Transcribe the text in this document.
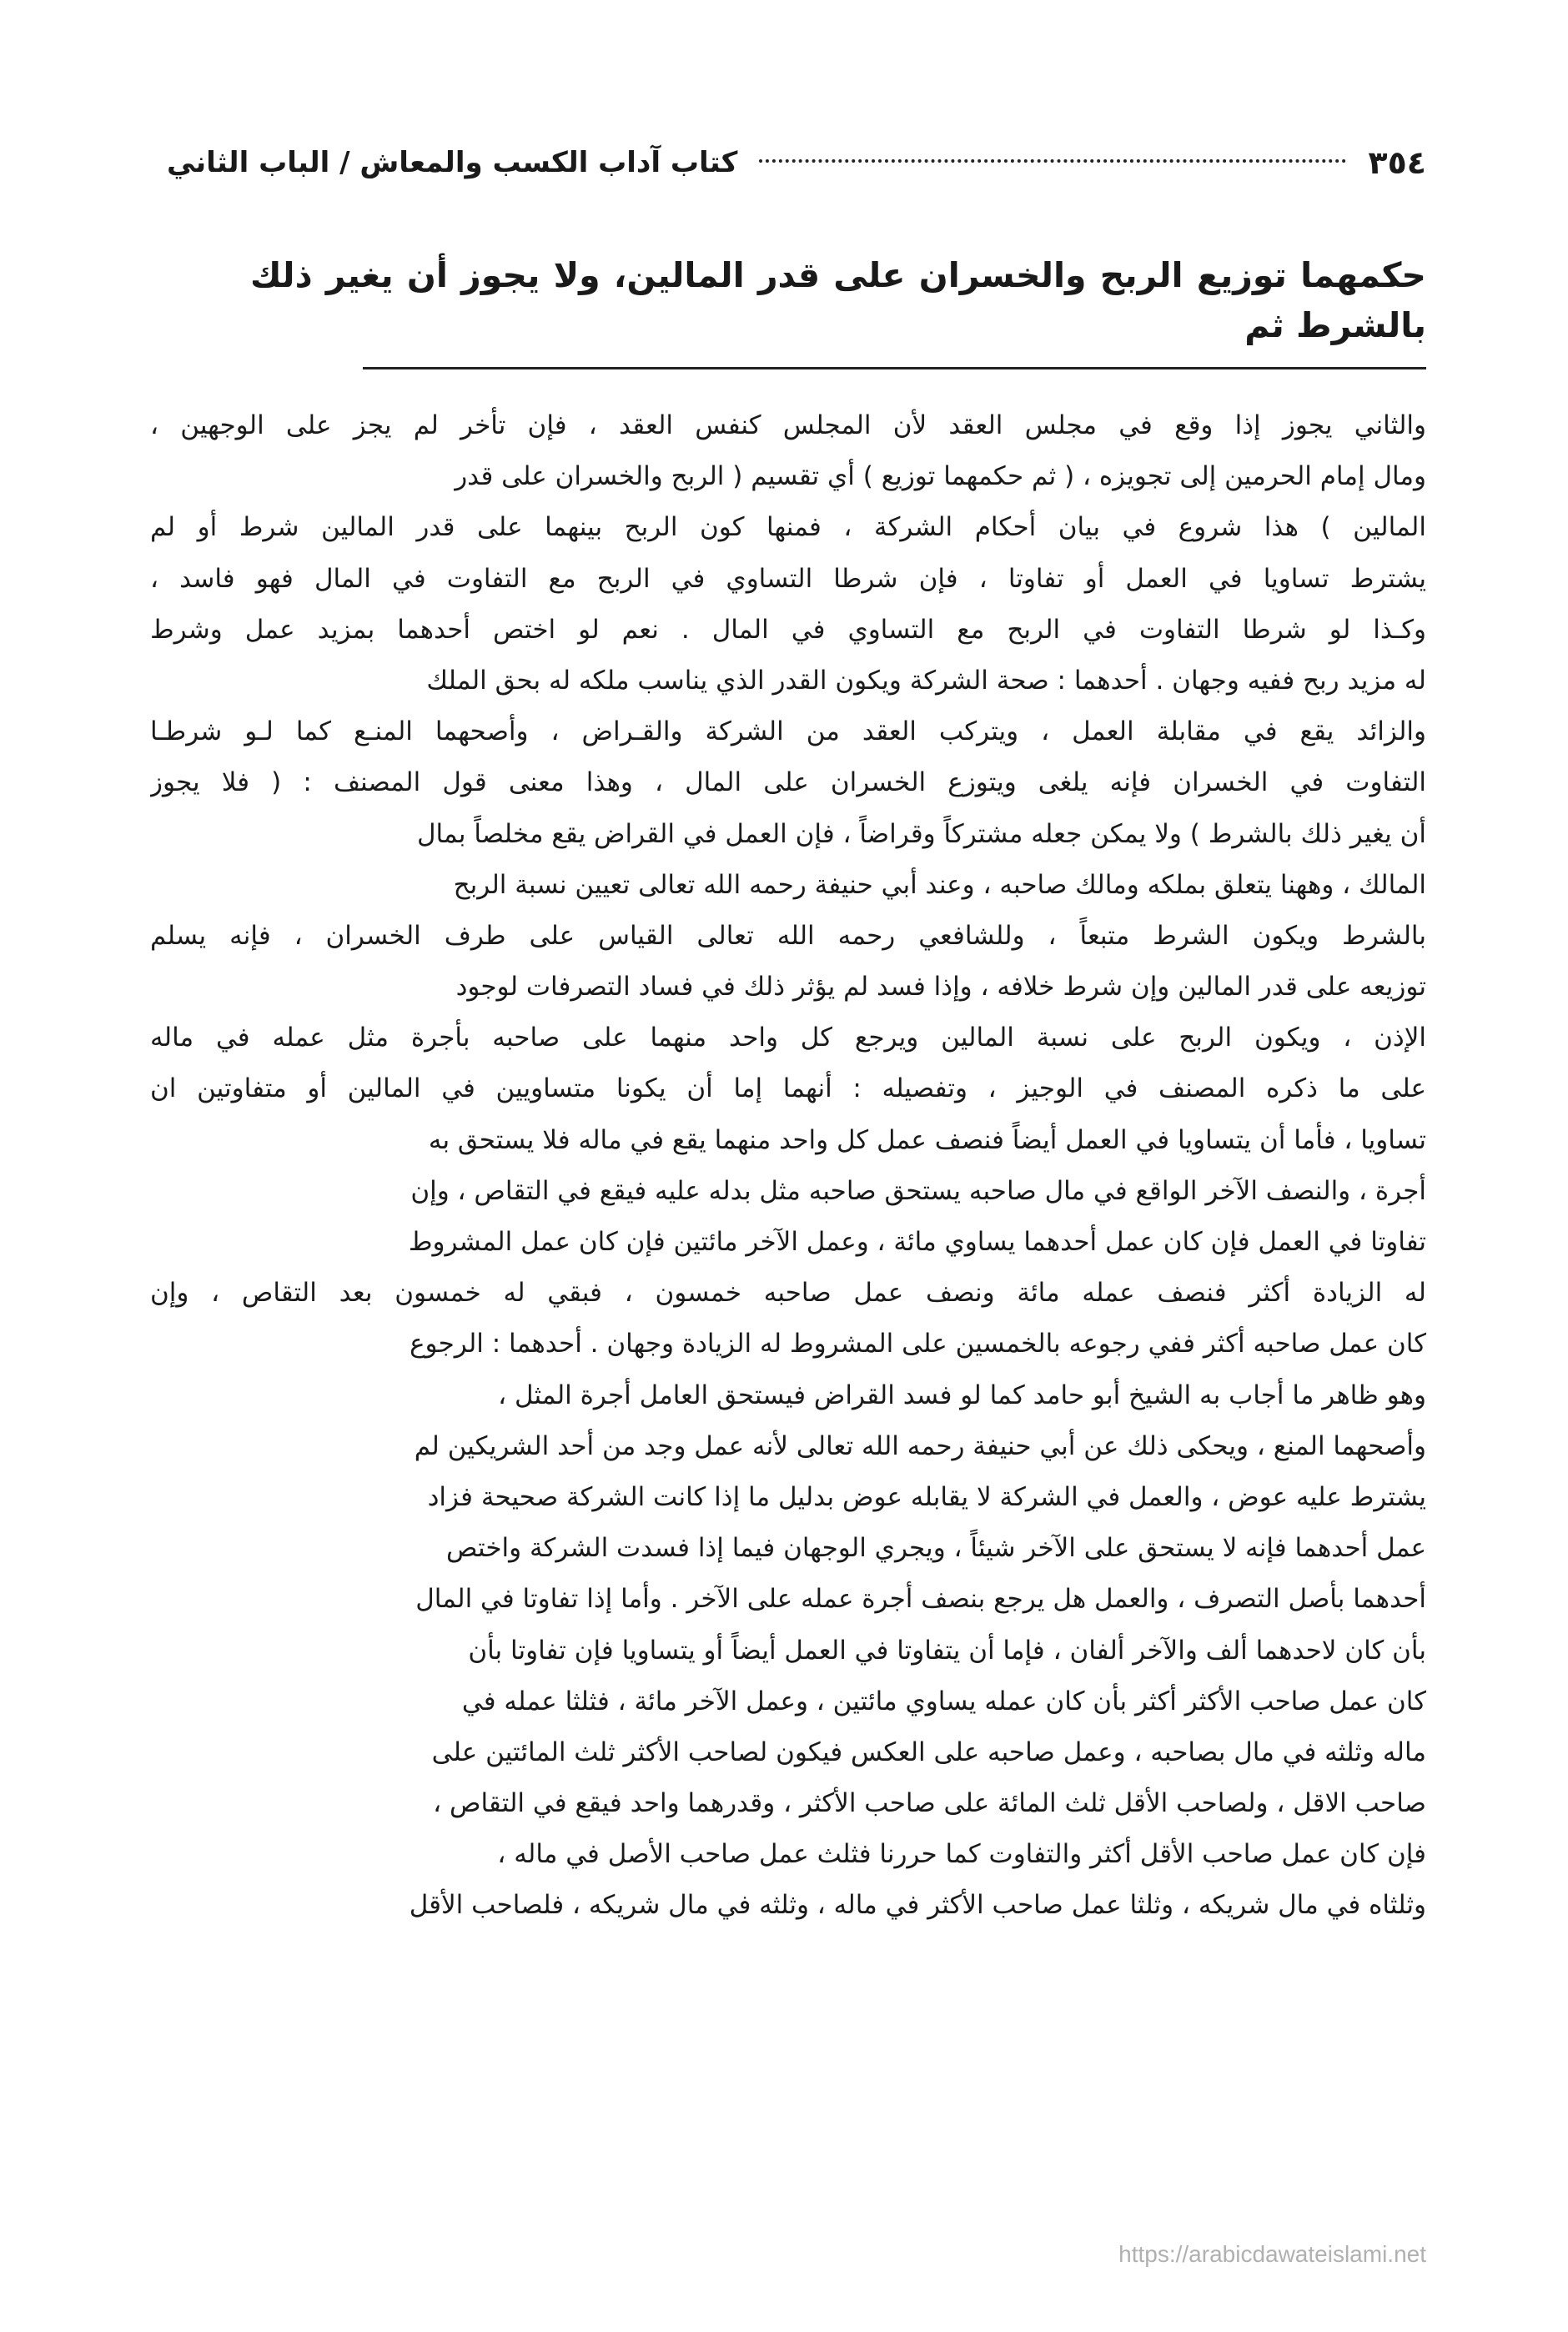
كتاب آداب الكسب والمعاش / الباب الثاني	٣٥٤
حكمهما توزيع الربح والخسران على قدر المالين، ولا يجوز أن يغير ذلك بالشرط ثم
والثاني يجوز إذا وقع في مجلس العقد لأن المجلس كنفس العقد ، فإن تأخر لم يجز على الوجهين ،
ومال إمام الحرمين إلى تجويزه ، ( ثم حكمهما توزيع ) أي تقسيم ( الربح والخسران على قدر
المالين ) هذا شروع في بيان أحكام الشركة ، فمنها كون الربح بينهما على قدر المالين شرط أو لم
يشترط تساويا في العمل أو تفاوتا ، فإن شرطا التساوي في الربح مع التفاوت في المال فهو فاسد ،
وكـذا لو شرطا التفاوت في الربح مع التساوي في المال . نعم لو اختص أحدهما بمزيد عمل وشرط
له مزيد ربح ففيه وجهان . أحدهما : صحة الشركة ويكون القدر الذي يناسب ملكه له بحق الملك
والزائد يقع في مقابلة العمل ، ويتركب العقد من الشركة والقـراض ، وأصحهما المنـع كما لـو شرطـا
التفاوت في الخسران فإنه يلغى ويتوزع الخسران على المال ، وهذا معنى قول المصنف : ( فلا يجوز
أن يغير ذلك بالشرط ) ولا يمكن جعله مشتركاً وقراضاً ، فإن العمل في القراض يقع مخلصاً بمال
المالك ، وههنا يتعلق بملكه ومالك صاحبه ، وعند أبي حنيفة رحمه الله تعالى تعيين نسبة الربح
بالشرط ويكون الشرط متبعاً ، وللشافعي رحمه الله تعالى القياس على طرف الخسران ، فإنه يسلم
توزيعه على قدر المالين وإن شرط خلافه ، وإذا فسد لم يؤثر ذلك في فساد التصرفات لوجود
الإذن ، ويكون الربح على نسبة المالين ويرجع كل واحد منهما على صاحبه بأجرة مثل عمله في ماله
على ما ذكره المصنف في الوجيز ، وتفصيله : أنهما إما أن يكونا متساويين في المالين أو متفاوتين ان
تساويا ، فأما أن يتساويا في العمل أيضاً فنصف عمل كل واحد منهما يقع في ماله فلا يستحق به
أجرة ، والنصف الآخر الواقع في مال صاحبه يستحق صاحبه مثل بدله عليه فيقع في التقاص ، وإن
تفاوتا في العمل فإن كان عمل أحدهما يساوي مائة ، وعمل الآخر مائتين فإن كان عمل المشروط
له الزيادة أكثر فنصف عمله مائة ونصف عمل صاحبه خمسون ، فبقي له خمسون بعد التقاص ، وإن
كان عمل صاحبه أكثر ففي رجوعه بالخمسين على المشروط له الزيادة وجهان . أحدهما : الرجوع
وهو ظاهر ما أجاب به الشيخ أبو حامد كما لو فسد القراض فيستحق العامل أجرة المثل ،
وأصحهما المنع ، ويحكى ذلك عن أبي حنيفة رحمه الله تعالى لأنه عمل وجد من أحد الشريكين لم
يشترط عليه عوض ، والعمل في الشركة لا يقابله عوض بدليل ما إذا كانت الشركة صحيحة فزاد
عمل أحدهما فإنه لا يستحق على الآخر شيئاً ، ويجري الوجهان فيما إذا فسدت الشركة واختص
أحدهما بأصل التصرف ، والعمل هل يرجع بنصف أجرة عمله على الآخر . وأما إذا تفاوتا في المال
بأن كان لاحدهما ألف والآخر ألفان ، فإما أن يتفاوتا في العمل أيضاً أو يتساويا فإن تفاوتا بأن
كان عمل صاحب الأكثر أكثر بأن كان عمله يساوي مائتين ، وعمل الآخر مائة ، فثلثا عمله في
ماله وثلثه في مال بصاحبه ، وعمل صاحبه على العكس فيكون لصاحب الأكثر ثلث المائتين على
صاحب الاقل ، ولصاحب الأقل ثلث المائة على صاحب الأكثر ، وقدرهما واحد فيقع في التقاص ،
فإن كان عمل صاحب الأقل أكثر والتفاوت كما حررنا فثلث عمل صاحب الأصل في ماله ،
وثلثاه في مال شريكه ، وثلثا عمل صاحب الأكثر في ماله ، وثلثه في مال شريكه ، فلصاحب الأقل
https://arabicdawateislami.net
